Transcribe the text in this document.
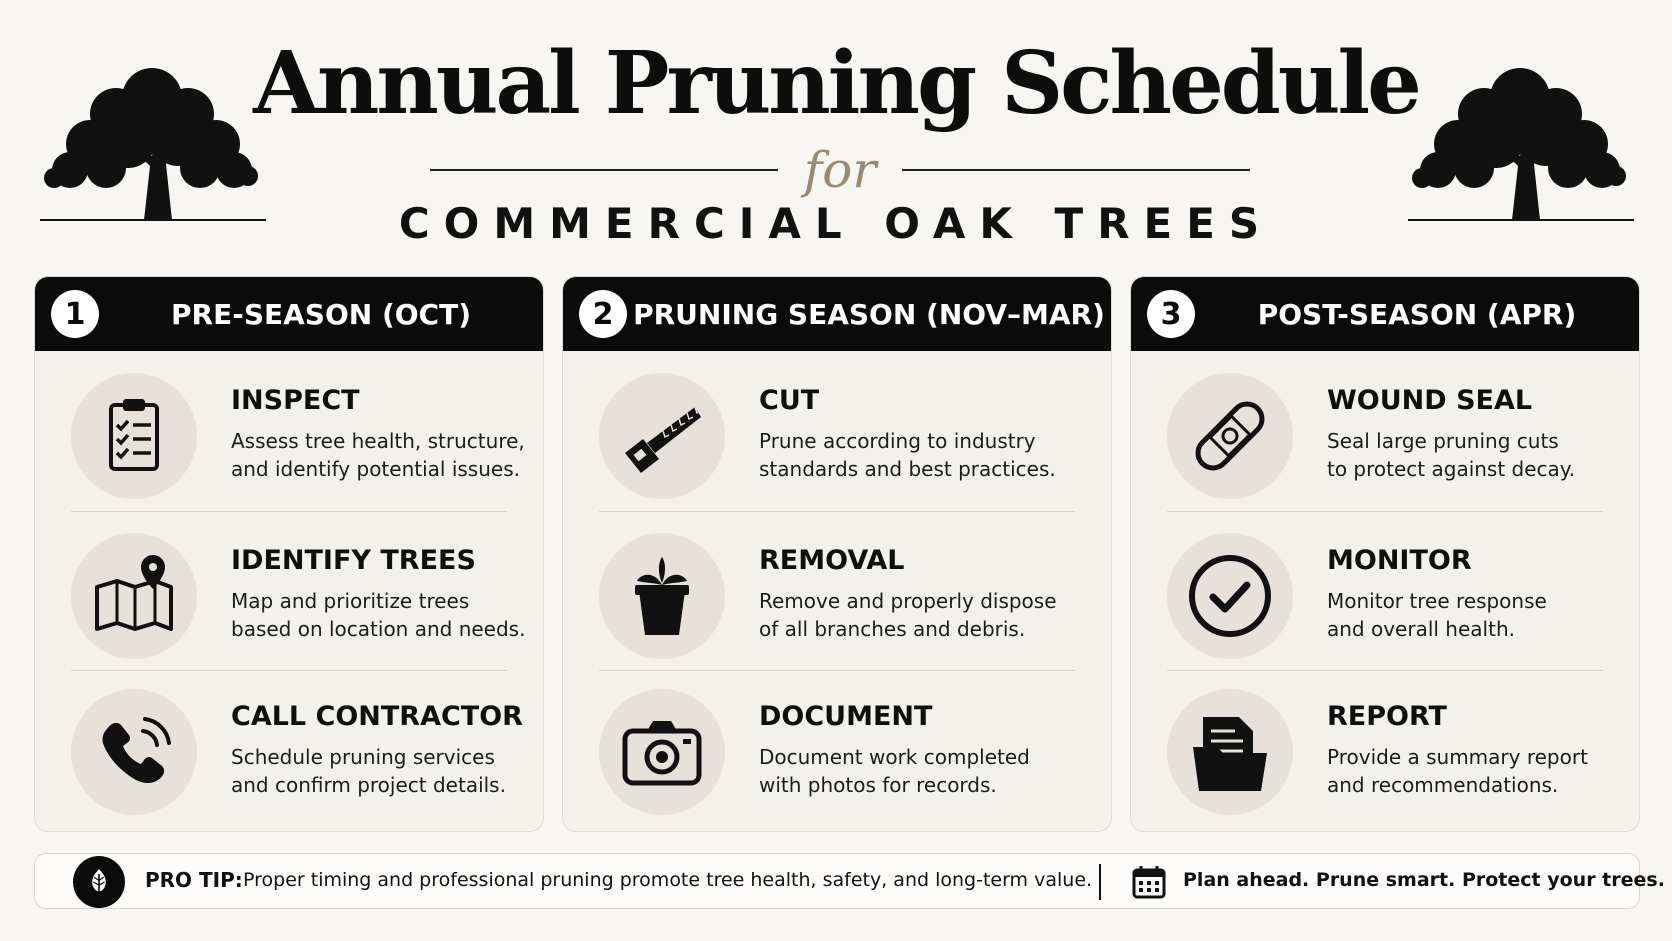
Annual Pruning Schedule
for
COMMERCIAL OAK TREES
1	PRE-SEASON (OCT)
INSPECT
Assess tree health, structure,
and identify potential issues.
IDENTIFY TREES
Map and prioritize trees
based on location and needs.
CALL CONTRACTOR
Schedule pruning services
and confirm project details.
2 PRUNING SEASON (NOV–MAR)
CUT
Prune according to industry
standards and best practices.
REMOVAL
Remove and properly dispose
of all branches and debris.
DOCUMENT
Document work completed
with photos for records.
3	POST-SEASON (APR)
WOUND SEAL
Seal large pruning cuts
to protect against decay.
MONITOR
Monitor tree response
and overall health.
REPORT
Provide a summary report
and recommendations.
PRO TIP: Proper timing and professional pruning promote tree health, safety, and long-term value.	Plan ahead. Prune smart. Protect your trees.
